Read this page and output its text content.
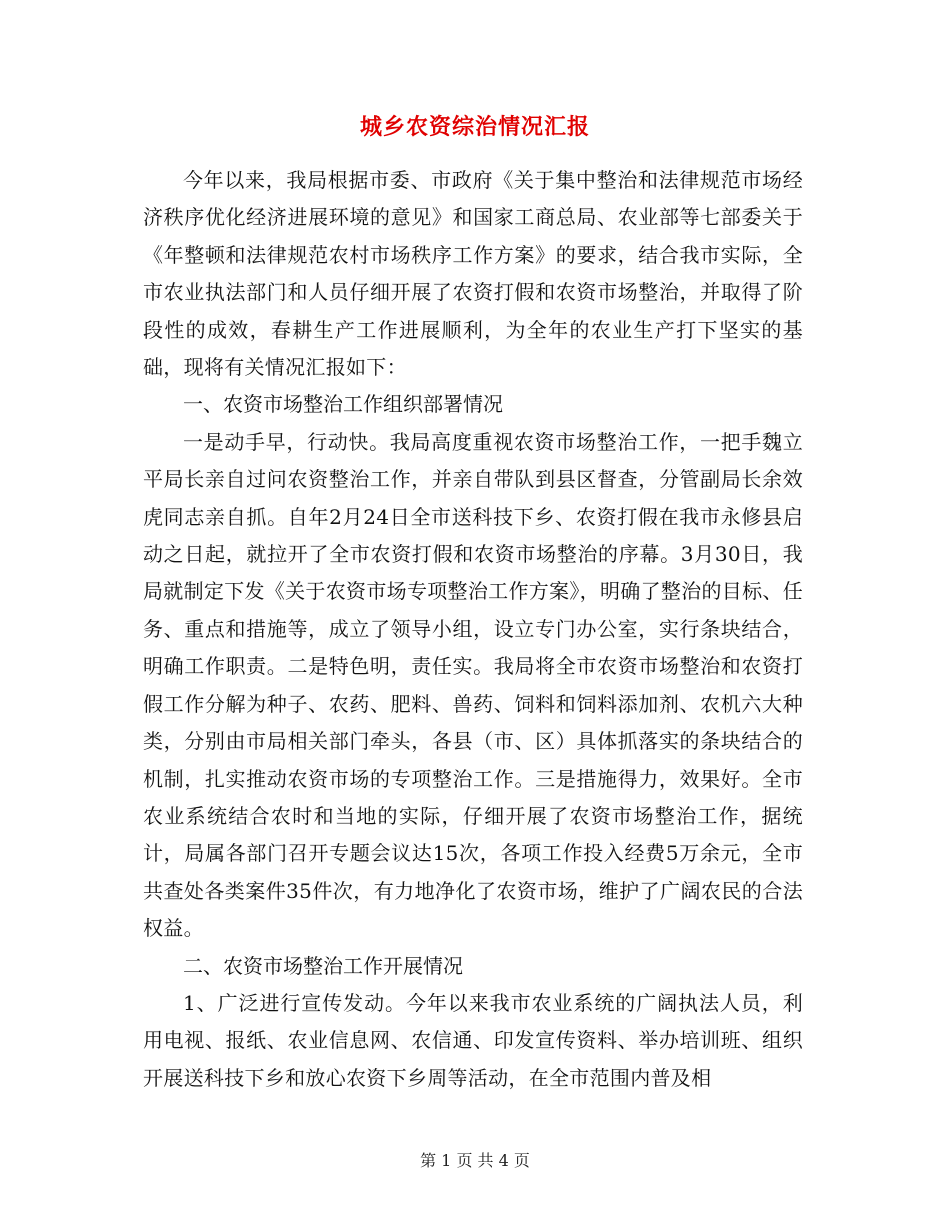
城乡农资综治情况汇报

今年以来，我局根据市委、市政府《关于集中整治和法律规范市场经济秩序优化经济进展环境的意见》和国家工商总局、农业部等七部委关于《年整顿和法律规范农村市场秩序工作方案》的要求，结合我市实际，全市农业执法部门和人员仔细开展了农资打假和农资市场整治，并取得了阶段性的成效，春耕生产工作进展顺利，为全年的农业生产打下坚实的基础，现将有关情况汇报如下：

一、农资市场整治工作组织部署情况

一是动手早，行动快。我局高度重视农资市场整治工作，一把手魏立平局长亲自过问农资整治工作，并亲自带队到县区督查，分管副局长余效虎同志亲自抓。自年2月24日全市送科技下乡、农资打假在我市永修县启动之日起，就拉开了全市农资打假和农资市场整治的序幕。3月30日，我局就制定下发《关于农资市场专项整治工作方案》，明确了整治的目标、任务、重点和措施等，成立了领导小组，设立专门办公室，实行条块结合，明确工作职责。二是特色明，责任实。我局将全市农资市场整治和农资打假工作分解为种子、农药、肥料、兽药、饲料和饲料添加剂、农机六大种类，分别由市局相关部门牵头，各县（市、区）具体抓落实的条块结合的机制，扎实推动农资市场的专项整治工作。三是措施得力，效果好。全市农业系统结合农时和当地的实际，仔细开展了农资市场整治工作，据统计，局属各部门召开专题会议达15次，各项工作投入经费5万余元，全市共查处各类案件35件次，有力地净化了农资市场，维护了广阔农民的合法权益。

二、农资市场整治工作开展情况

1、广泛进行宣传发动。今年以来我市农业系统的广阔执法人员，利用电视、报纸、农业信息网、农信通、印发宣传资料、举办培训班、组织开展送科技下乡和放心农资下乡周等活动，在全市范围内普及相

第 1 页 共 4 页
